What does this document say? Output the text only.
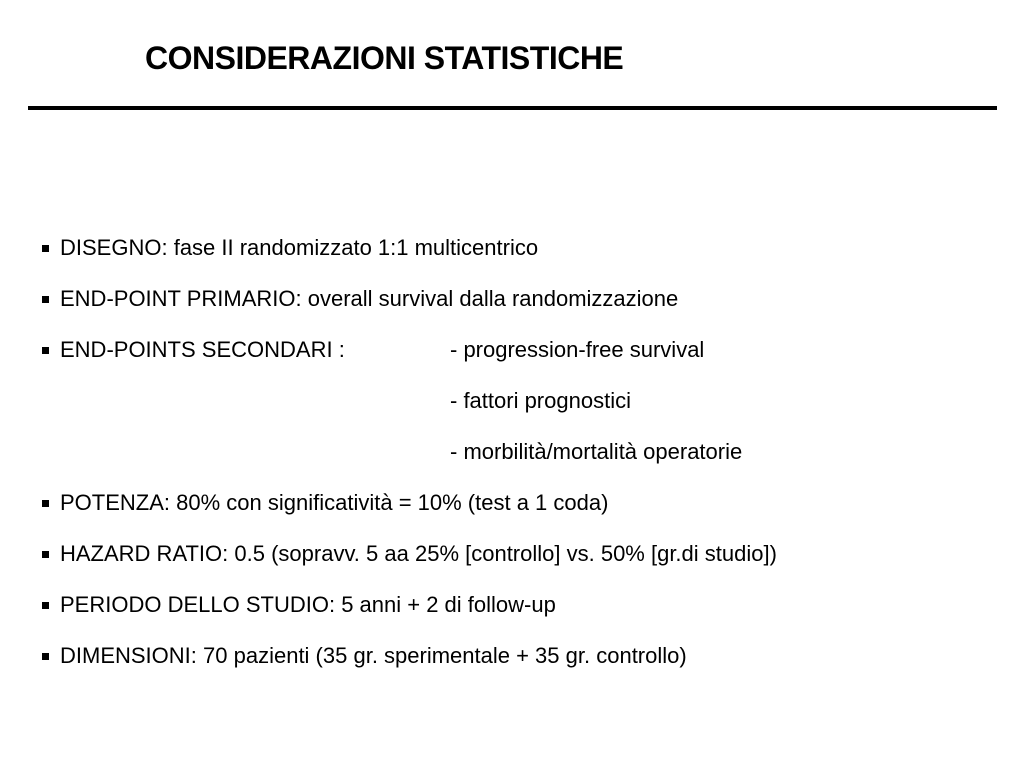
CONSIDERAZIONI STATISTICHE
DISEGNO:
fase II randomizzato 1:1 multicentrico
END-POINT PRIMARIO:
overall survival dalla randomizzazione
END-POINTS SECONDARI :	- progression-free survival
- fattori prognostici
- morbilità/mortalità operatorie
POTENZA:
80% con significatività = 10% (test a 1 coda)
HAZARD RATIO:
0.5 (sopravv. 5 aa 25% [controllo] vs. 50% [gr.di studio])
PERIODO DELLO STUDIO:
5 anni + 2 di follow-up
DIMENSIONI:
70 pazienti (35 gr. sperimentale + 35 gr. controllo)
